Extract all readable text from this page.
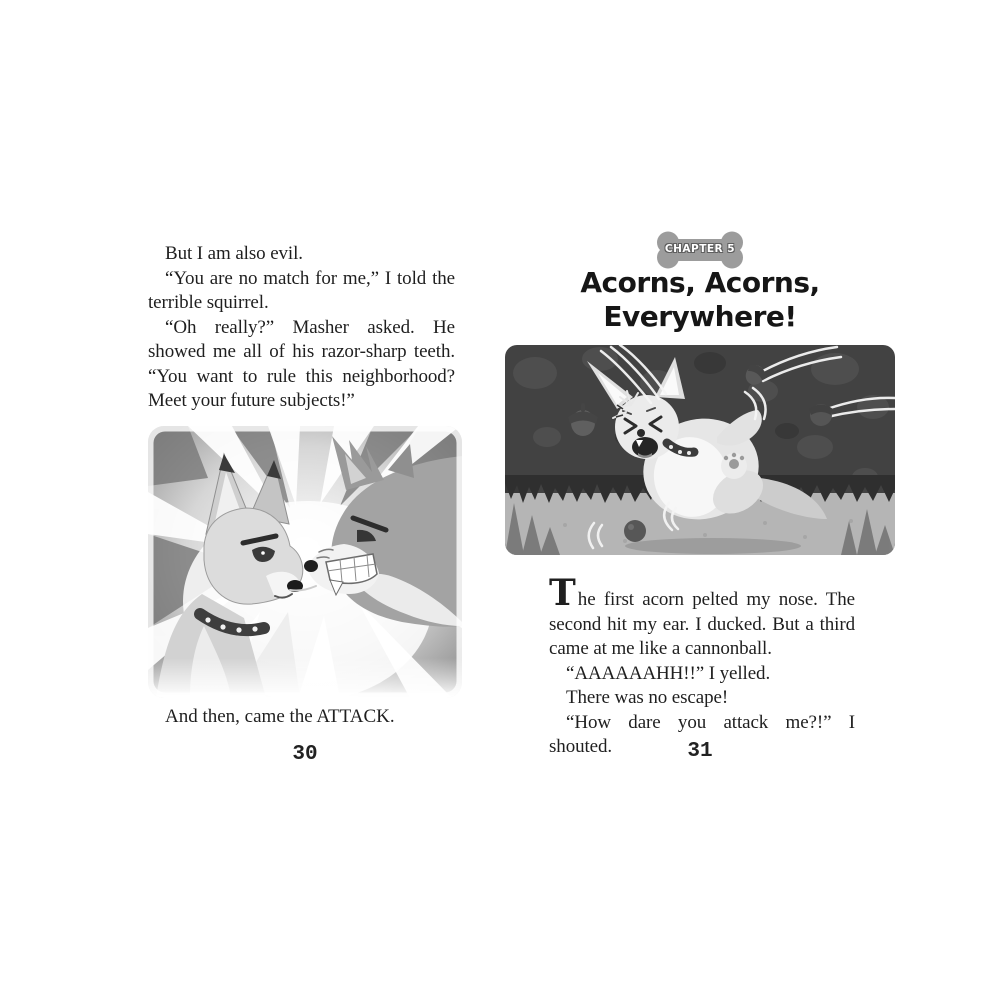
But I am also evil.

“You are no match for me,” I told the terrible squirrel.

“Oh really?” Masher asked. He showed me all of his razor-sharp teeth. “You want to rule this neighborhood? Meet your future subjects!”

And then, came the ATTACK.

30
CHAPTER 5
Acorns, Acorns,
Everywhere!

The first acorn pelted my nose. The second hit my ear. I ducked. But a third came at me like a cannonball.

“AAAAAAHH!!” I yelled.

There was no escape!

“How dare you attack me?!” I shouted.	31
